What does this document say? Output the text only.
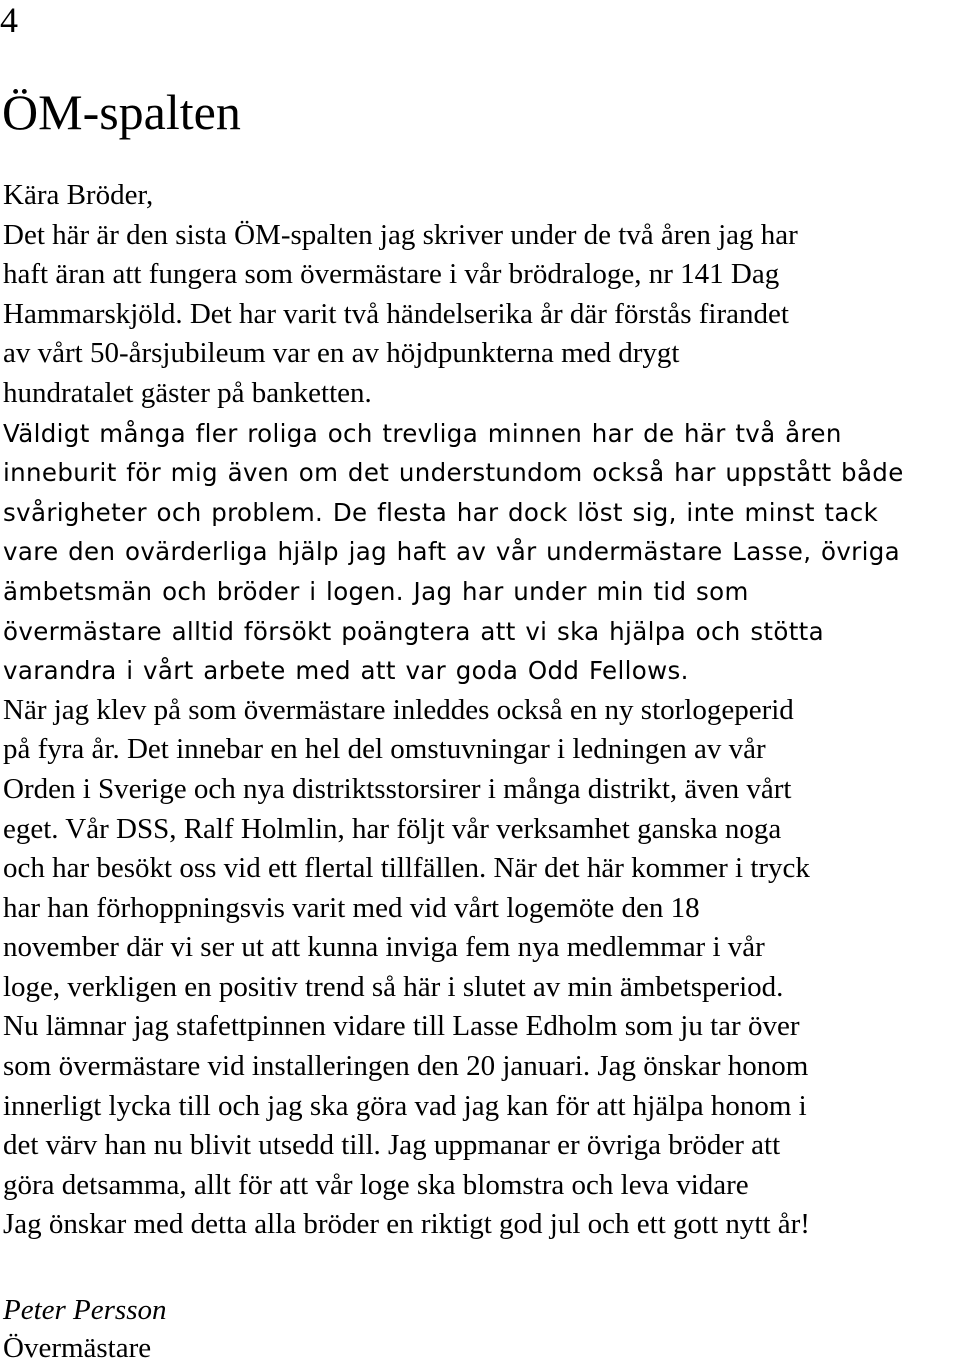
4
ÖM-spalten
Kära Bröder,
Det här är den sista ÖM-spalten jag skriver under de två åren jag har
haft äran att fungera som övermästare i vår brödraloge, nr 141 Dag
Hammarskjöld. Det har varit två händelserika år där förstås firandet
av vårt 50-årsjubileum var en av höjdpunkterna med drygt
hundratalet gäster på banketten.
Väldigt många fler roliga och trevliga minnen har de här två åren
inneburit för mig även om det understundom också har uppstått både
svårigheter och problem. De flesta har dock löst sig, inte minst tack
vare den ovärderliga hjälp jag haft av vår undermästare Lasse, övriga
ämbetsmän och bröder i logen. Jag har under min tid som
övermästare alltid försökt poängtera att vi ska hjälpa och stötta
varandra i vårt arbete med att var goda Odd Fellows.
När jag klev på som övermästare inleddes också en ny storlogeperid
på fyra år. Det innebar en hel del omstuvningar i ledningen av vår
Orden i Sverige och nya distriktsstorsirer i många distrikt, även vårt
eget. Vår DSS, Ralf Holmlin, har följt vår verksamhet ganska noga
och har besökt oss vid ett flertal tillfällen. När det här kommer i tryck
har han förhoppningsvis varit med vid vårt logemöte den 18
november där vi ser ut att kunna inviga fem nya medlemmar i vår
loge, verkligen en positiv trend så här i slutet av min ämbetsperiod.
Nu lämnar jag stafettpinnen vidare till Lasse Edholm som ju tar över
som övermästare vid installeringen den 20 januari. Jag önskar honom
innerligt lycka till och jag ska göra vad jag kan för att hjälpa honom i
det värv han nu blivit utsedd till. Jag uppmanar er övriga bröder att
göra detsamma, allt för att vår loge ska blomstra och leva vidare
Jag önskar med detta alla bröder en riktigt god jul och ett gott nytt år!
Peter Persson
Övermästare
